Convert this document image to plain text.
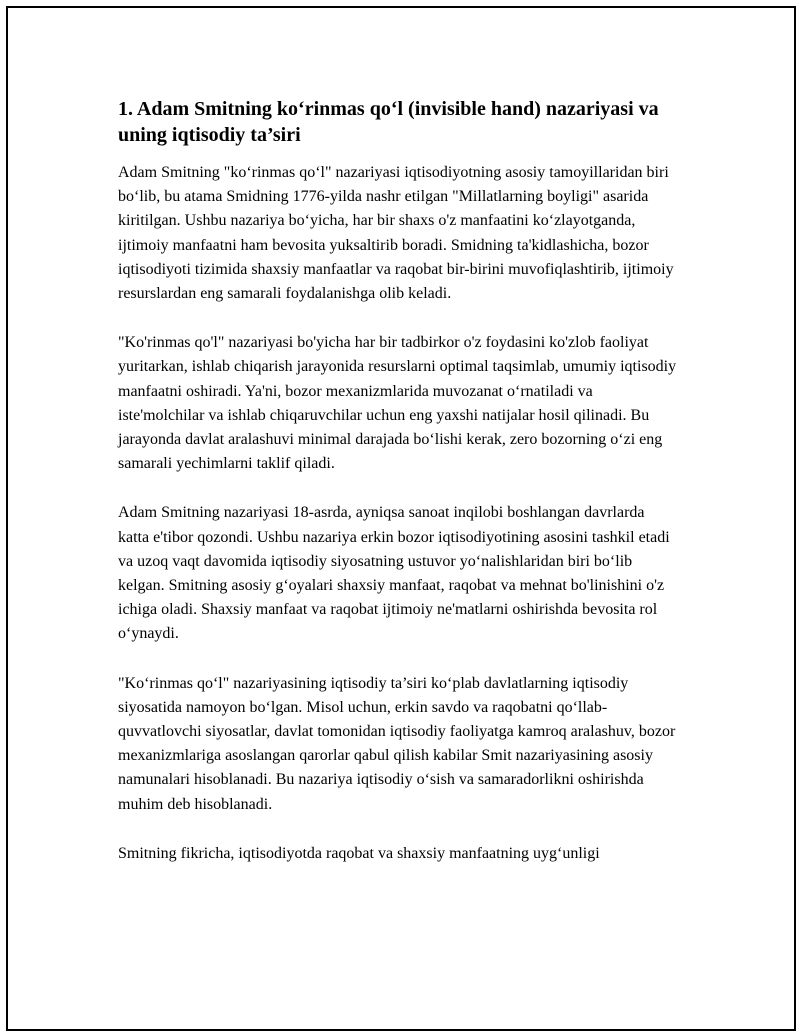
1. Adam Smitning ko‘rinmas qo‘l (invisible hand) nazariyasi va uning iqtisodiy ta’siri

Adam Smitning "ko‘rinmas qo‘l" nazariyasi iqtisodiyotning asosiy tamoyillaridan biri bo‘lib, bu atama Smidning 1776-yilda nashr etilgan "Millatlarning boyligi" asarida kiritilgan. Ushbu nazariya bo‘yicha, har bir shaxs o'z manfaatini ko‘zlayotganda, ijtimoiy manfaatni ham bevosita yuksaltirib boradi. Smidning ta'kidlashicha, bozor iqtisodiyoti tizimida shaxsiy manfaatlar va raqobat bir-birini muvofiqlashtirib, ijtimoiy resurslardan eng samarali foydalanishga olib keladi.

"Ko'rinmas qo'l" nazariyasi bo'yicha har bir tadbirkor o'z foydasini ko'zlob faoliyat yuritarkan, ishlab chiqarish jarayonida resurslarni optimal taqsimlab, umumiy iqtisodiy manfaatni oshiradi. Ya'ni, bozor mexanizmlarida muvozanat o‘rnatiladi va iste'molchilar va ishlab chiqaruvchilar uchun eng yaxshi natijalar hosil qilinadi. Bu jarayonda davlat aralashuvi minimal darajada bo‘lishi kerak, zero bozorning o‘zi eng samarali yechimlarni taklif qiladi.

Adam Smitning nazariyasi 18-asrda, ayniqsa sanoat inqilobi boshlangan davrlarda katta e'tibor qozondi. Ushbu nazariya erkin bozor iqtisodiyotining asosini tashkil etadi va uzoq vaqt davomida iqtisodiy siyosatning ustuvor yo‘nalishlaridan biri bo‘lib kelgan. Smitning asosiy g‘oyalari shaxsiy manfaat, raqobat va mehnat bo'linishini o'z ichiga oladi. Shaxsiy manfaat va raqobat ijtimoiy ne'matlarni oshirishda bevosita rol o‘ynaydi.

"Ko‘rinmas qo‘l" nazariyasining iqtisodiy ta’siri ko‘plab davlatlarning iqtisodiy siyosatida namoyon bo‘lgan. Misol uchun, erkin savdo va raqobatni qo‘llab-quvvatlovchi siyosatlar, davlat tomonidan iqtisodiy faoliyatga kamroq aralashuv, bozor mexanizmlariga asoslangan qarorlar qabul qilish kabilar Smit nazariyasining asosiy namunalari hisoblanadi. Bu nazariya iqtisodiy o‘sish va samaradorlikni oshirishda muhim deb hisoblanadi.

Smitning fikricha, iqtisodiyotda raqobat va shaxsiy manfaatning uyg‘unligi
